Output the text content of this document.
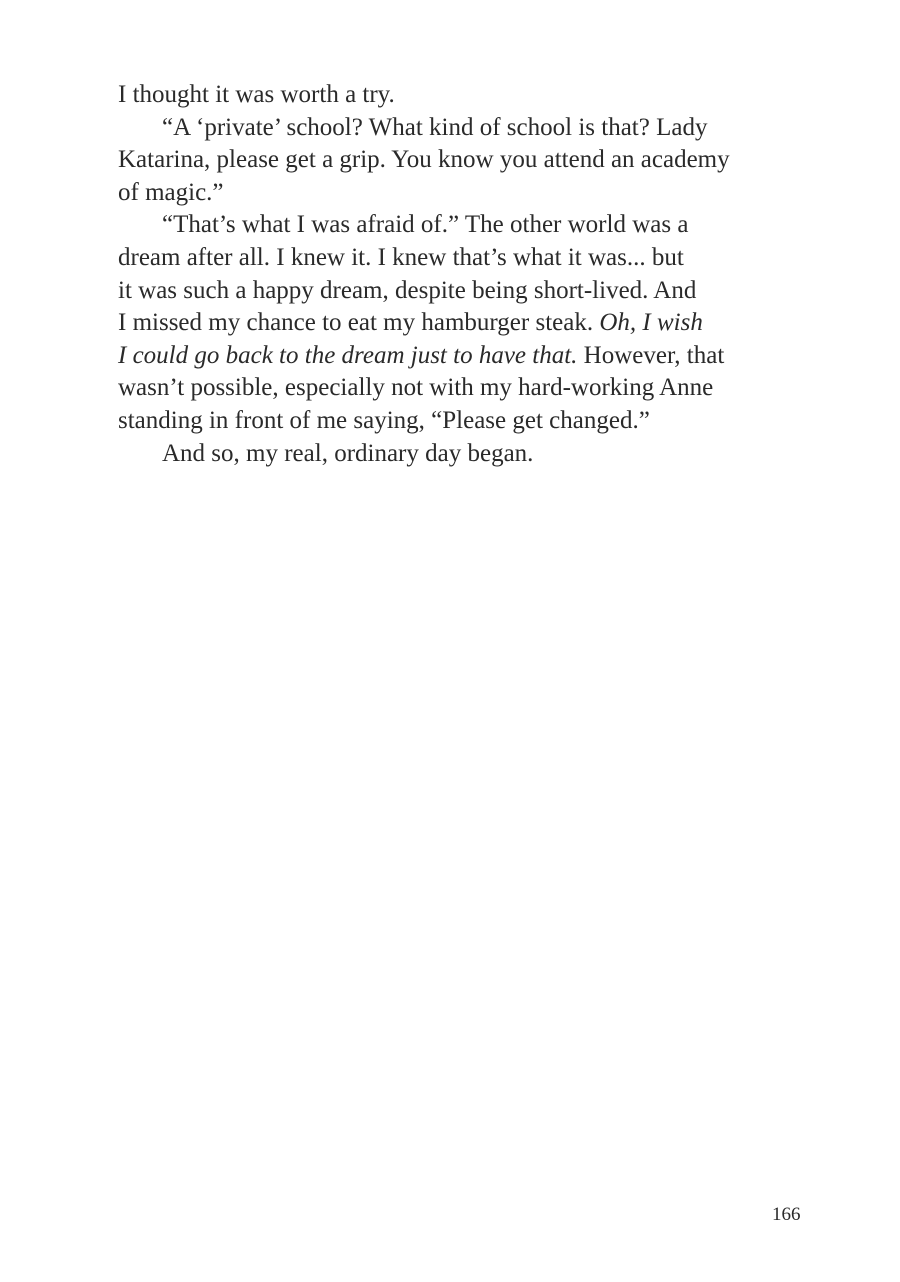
I thought it was worth a try.
“A ‘private’ school? What kind of school is that? Lady
Katarina, please get a grip. You know you attend an academy
of magic.”
“That’s what I was afraid of.” The other world was a
dream after all. I knew it. I knew that’s what it was... but
it was such a happy dream, despite being short-lived. And
I missed my chance to eat my hamburger steak. Oh, I wish
I could go back to the dream just to have that. However, that
wasn’t possible, especially not with my hard-working Anne
standing in front of me saying, “Please get changed.”
And so, my real, ordinary day began.
166
